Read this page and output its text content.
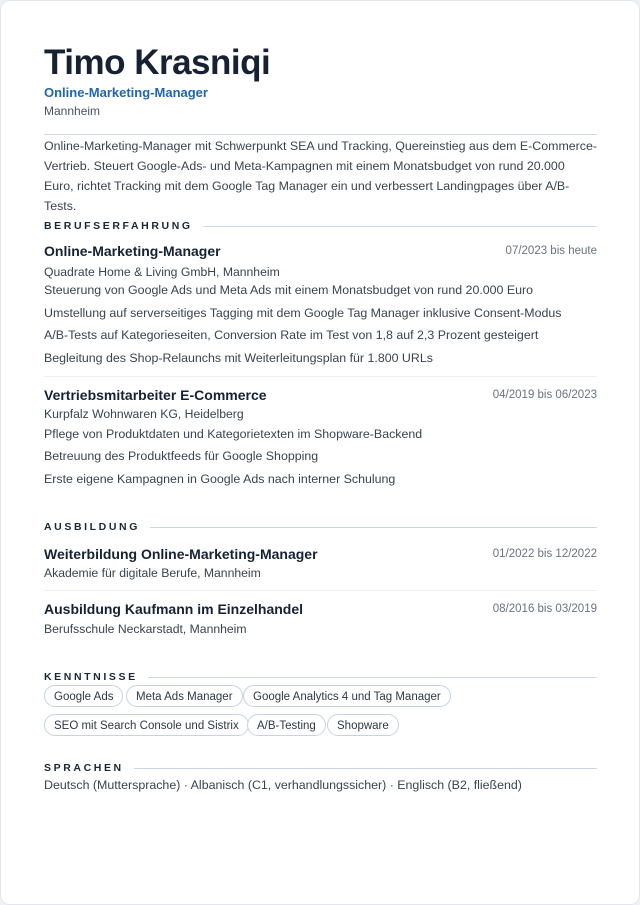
Timo Krasniqi
Online-Marketing-Manager
Mannheim
Online-Marketing-Manager mit Schwerpunkt SEA und Tracking, Quereinstieg aus dem E-Commerce-Vertrieb. Steuert Google-Ads- und Meta-Kampagnen mit einem Monatsbudget von rund 20.000 Euro, richtet Tracking mit dem Google Tag Manager ein und verbessert Landingpages über A/B-Tests.
BERUFSERFAHRUNG
Online-Marketing-Manager	07/2023 bis heute
Quadrate Home & Living GmbH, Mannheim
Steuerung von Google Ads und Meta Ads mit einem Monatsbudget von rund 20.000 Euro
Umstellung auf serverseitiges Tagging mit dem Google Tag Manager inklusive Consent-Modus
A/B-Tests auf Kategorieseiten, Conversion Rate im Test von 1,8 auf 2,3 Prozent gesteigert
Begleitung des Shop-Relaunchs mit Weiterleitungsplan für 1.800 URLs
Vertriebsmitarbeiter E-Commerce	04/2019 bis 06/2023
Kurpfalz Wohnwaren KG, Heidelberg
Pflege von Produktdaten und Kategorietexten im Shopware-Backend
Betreuung des Produktfeeds für Google Shopping
Erste eigene Kampagnen in Google Ads nach interner Schulung
AUSBILDUNG
Weiterbildung Online-Marketing-Manager	01/2022 bis 12/2022
Akademie für digitale Berufe, Mannheim
Ausbildung Kaufmann im Einzelhandel	08/2016 bis 03/2019
Berufsschule Neckarstadt, Mannheim
KENNTNISSE
Google Ads	Meta Ads Manager	Google Analytics 4 und Tag Manager
SEO mit Search Console und Sistrix	A/B-Testing	Shopware
SPRACHEN
Deutsch (Muttersprache) · Albanisch (C1, verhandlungssicher) · Englisch (B2, fließend)
